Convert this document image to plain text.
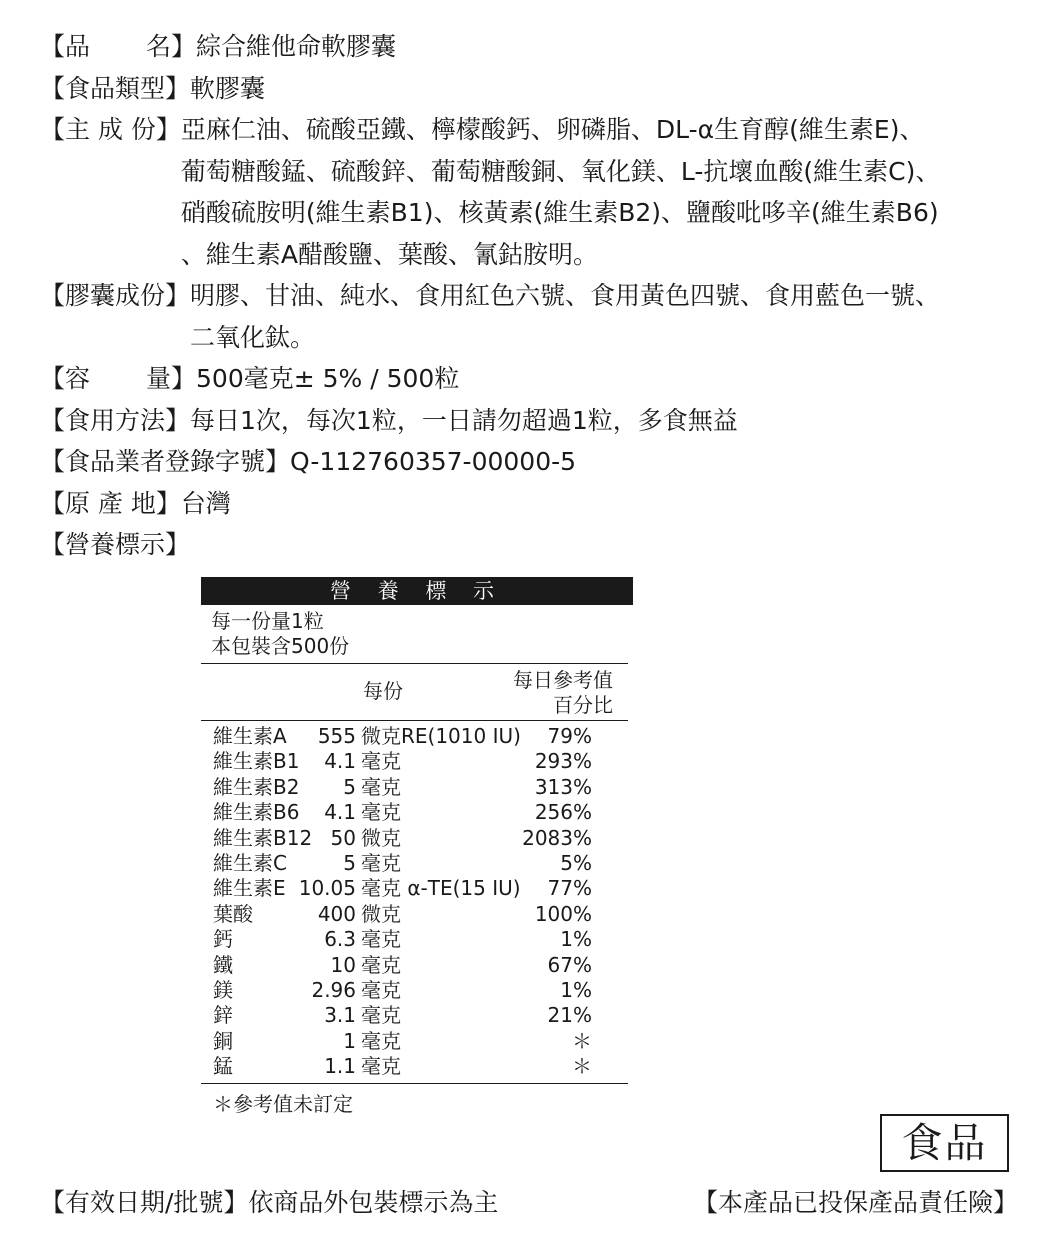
【品 名】 綜合維他命軟膠囊
【食品類型】 軟膠囊
【主 成 份】 亞麻仁油、硫酸亞鐵、檸檬酸鈣、卵磷脂、DL-α生育醇(維生素E)、
葡萄糖酸錳、硫酸鋅、葡萄糖酸銅、氧化鎂、L-抗壞血酸(維生素C)、
硝酸硫胺明(維生素B1)、核黃素(維生素B2)、鹽酸吡哆辛(維生素B6)
、維生素A醋酸鹽、葉酸、氰鈷胺明。
【膠囊成份】 明膠、甘油、純水、食用紅色六號、食用黃色四號、食用藍色一號、
二氧化鈦。
【容 量】 500毫克± 5% / 500粒
【食用方法】 每日1次，每次1粒，一日請勿超過1粒，多食無益
【食品業者登錄字號】 Q-112760357-00000-5
【原 產 地】 台灣
【營養標示】
營 養 標 示
每一份量1粒
本包裝含500份
每份	每日參考值
百分比
維生素A 555 微克RE(1010 IU) 79%
維生素B1 4.1 毫克	293%
維生素B2 5 毫克	313%
維生素B6 4.1 毫克	256%
維生素B12 50 微克	2083%
維生素C	5 毫克	5%
維生素E 10.05 毫克 α-TE(15 IU) 77%
葉酸	400 微克	100%
鈣	6.3 毫克	1%
鐵	10 毫克	67%
鎂	2.96 毫克	1%
鋅	3.1 毫克	21%
銅	1 毫克	＊
錳	1.1 毫克	＊
＊參考值未訂定
食品
【有效日期/批號】依商品外包裝標示為主	【本產品已投保產品責任險】
